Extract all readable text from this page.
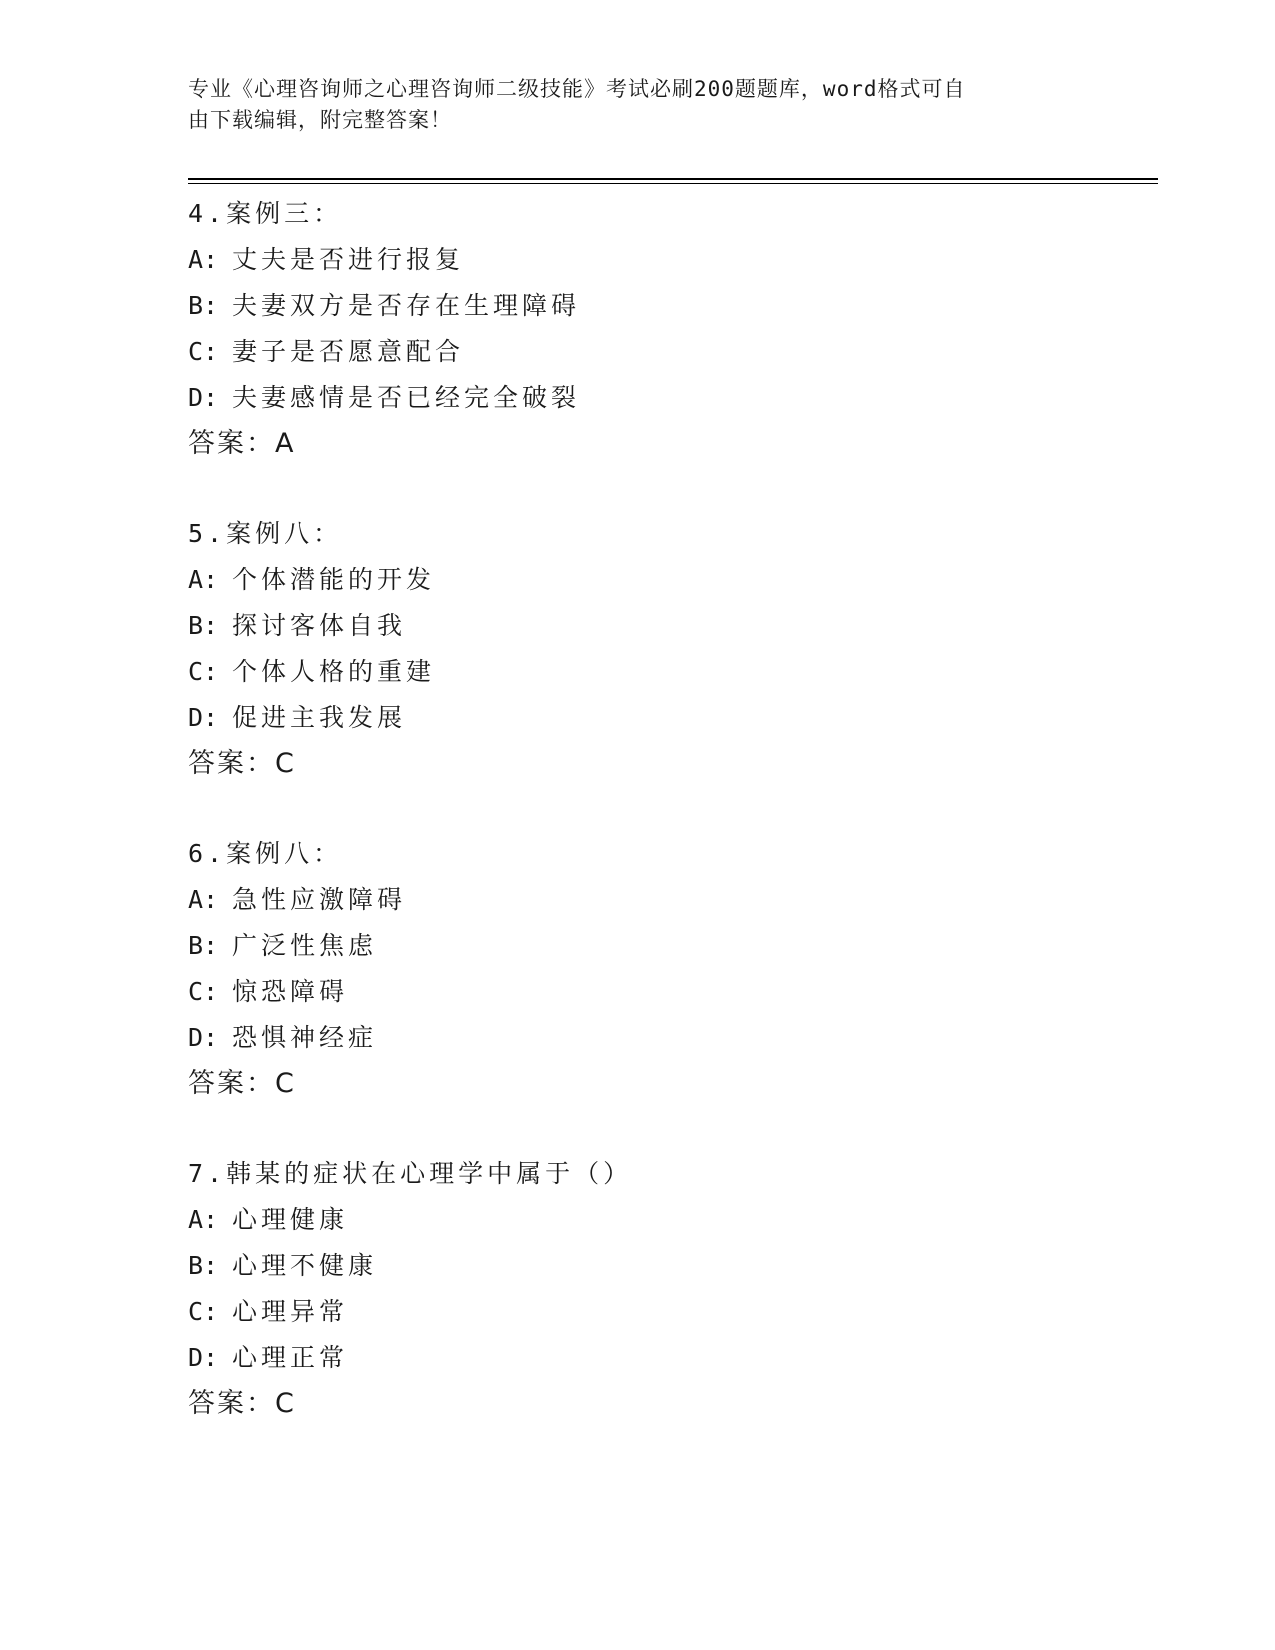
专业《心理咨询师之心理咨询师二级技能》考试必刷200题题库，word格式可自
由下载编辑，附完整答案！
4.案例三：
A: 丈夫是否进行报复
B: 夫妻双方是否存在生理障碍
C: 妻子是否愿意配合
D: 夫妻感情是否已经完全破裂
答案：A
5.案例八：
A: 个体潜能的开发
B: 探讨客体自我
C: 个体人格的重建
D: 促进主我发展
答案：C
6.案例八：
A: 急性应激障碍
B: 广泛性焦虑
C: 惊恐障碍
D: 恐惧神经症
答案：C
7.韩某的症状在心理学中属于（）
A: 心理健康
B: 心理不健康
C: 心理异常
D: 心理正常
答案：C
